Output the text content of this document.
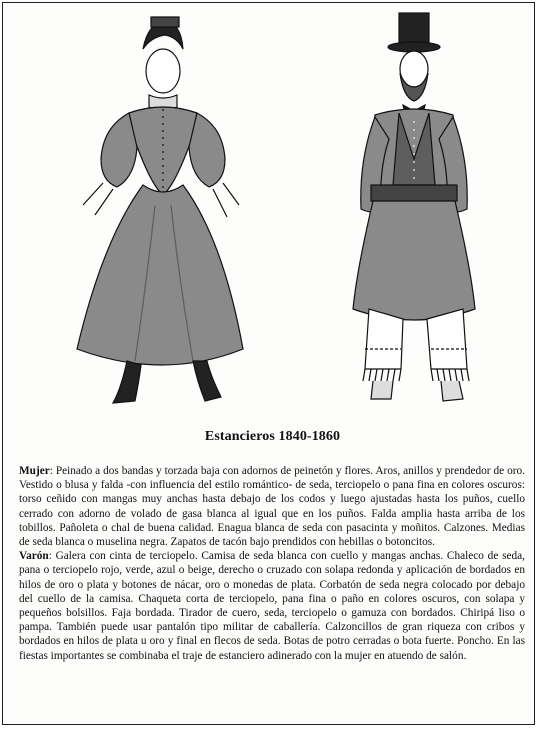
Estancieros 1840-1860

Mujer: Peinado a dos bandas y torzada baja con adornos de peinetón y flores. Aros, anillos y prendedor de oro. Vestido o blusa y falda -con influencia del estilo romántico- de seda, terciopelo o pana fina en colores oscuros: torso ceñido con mangas muy anchas hasta debajo de los codos y luego ajustadas hasta los puños, cuello cerrado con adorno de volado de gasa blanca al igual que en los puños. Falda amplia hasta arriba de los tobillos. Pañoleta o chal de buena calidad. Enagua blanca de seda con pasacinta y moñitos. Calzones. Medias de seda blanca o muselina negra. Zapatos de tacón bajo prendidos con hebillas o botoncitos.

Varón: Galera con cinta de terciopelo. Camisa de seda blanca con cuello y mangas anchas. Chaleco de seda, pana o terciopelo rojo, verde, azul o beige, derecho o cruzado con solapa redonda y aplicación de bordados en hilos de oro o plata y botones de nácar, oro o monedas de plata. Corbatón de seda negra colocado por debajo del cuello de la camisa. Chaqueta corta de terciopelo, pana fina o paño en colores oscuros, con solapa y pequeños bolsillos. Faja bordada. Tirador de cuero, seda, terciopelo o gamuza con bordados. Chiripá liso o pampa. También puede usar pantalón tipo militar de caballería. Calzoncillos de gran riqueza con cribos y bordados en hilos de plata u oro y final en flecos de seda. Botas de potro cerradas o bota fuerte. Poncho. En las fiestas importantes se combinaba el traje de estanciero adinerado con la mujer en atuendo de salón.
